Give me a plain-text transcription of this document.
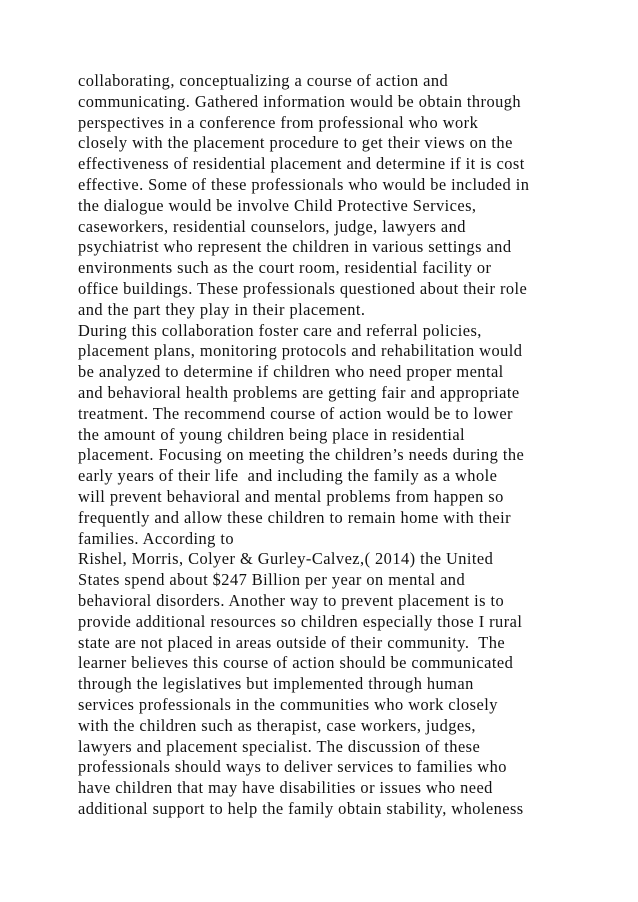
collaborating, conceptualizing a course of action and
communicating. Gathered information would be obtain through
perspectives in a conference from professional who work
closely with the placement procedure to get their views on the
effectiveness of residential placement and determine if it is cost
effective. Some of these professionals who would be included in
the dialogue would be involve Child Protective Services,
caseworkers, residential counselors, judge, lawyers and
psychiatrist who represent the children in various settings and
environments such as the court room, residential facility or
office buildings. These professionals questioned about their role
and the part they play in their placement.
During this collaboration foster care and referral policies,
placement plans, monitoring protocols and rehabilitation would
be analyzed to determine if children who need proper mental
and behavioral health problems are getting fair and appropriate
treatment. The recommend course of action would be to lower
the amount of young children being place in residential
placement. Focusing on meeting the children’s needs during the
early years of their life  and including the family as a whole
will prevent behavioral and mental problems from happen so
frequently and allow these children to remain home with their
families. According to
Rishel, Morris, Colyer & Gurley-Calvez,( 2014) the United
States spend about $247 Billion per year on mental and
behavioral disorders. Another way to prevent placement is to
provide additional resources so children especially those I rural
state are not placed in areas outside of their community.  The
learner believes this course of action should be communicated
through the legislatives but implemented through human
services professionals in the communities who work closely
with the children such as therapist, case workers, judges,
lawyers and placement specialist. The discussion of these
professionals should ways to deliver services to families who
have children that may have disabilities or issues who need
additional support to help the family obtain stability, wholeness
